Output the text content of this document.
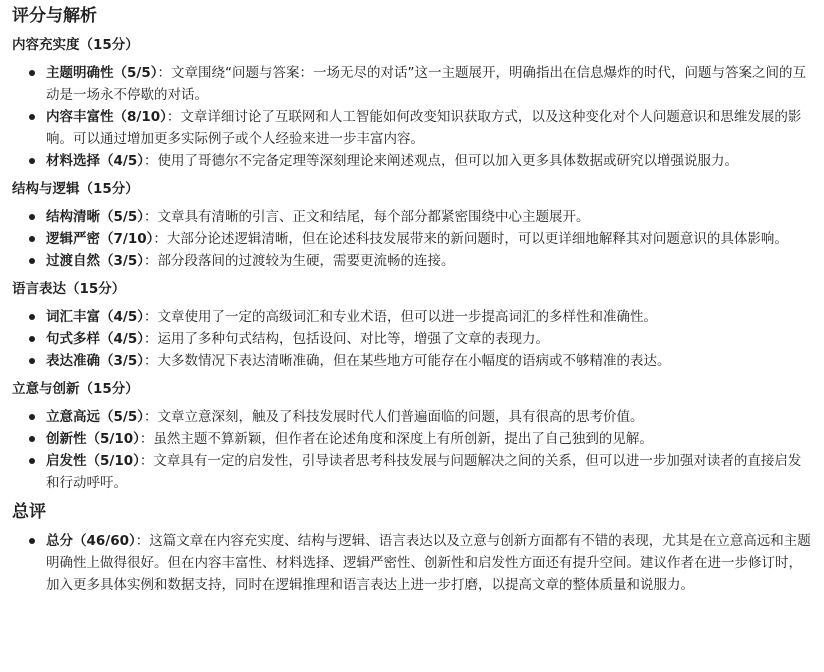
评分与解析
内容充实度（15分）
主题明确性（5/5）：文章围绕“问题与答案：一场无尽的对话”这一主题展开，明确指出在信息爆炸的时代，问题与答案之间的互动是一场永不停歇的对话。
内容丰富性（8/10）：文章详细讨论了互联网和人工智能如何改变知识获取方式，以及这种变化对个人问题意识和思维发展的影响。可以通过增加更多实际例子或个人经验来进一步丰富内容。
材料选择（4/5）：使用了哥德尔不完备定理等深刻理论来阐述观点，但可以加入更多具体数据或研究以增强说服力。
结构与逻辑（15分）
结构清晰（5/5）：文章具有清晰的引言、正文和结尾，每个部分都紧密围绕中心主题展开。
逻辑严密（7/10）：大部分论述逻辑清晰，但在论述科技发展带来的新问题时，可以更详细地解释其对问题意识的具体影响。
过渡自然（3/5）：部分段落间的过渡较为生硬，需要更流畅的连接。
语言表达（15分）
词汇丰富（4/5）：文章使用了一定的高级词汇和专业术语，但可以进一步提高词汇的多样性和准确性。
句式多样（4/5）：运用了多种句式结构，包括设问、对比等，增强了文章的表现力。
表达准确（3/5）：大多数情况下表达清晰准确，但在某些地方可能存在小幅度的语病或不够精准的表达。
立意与创新（15分）
立意高远（5/5）：文章立意深刻，触及了科技发展时代人们普遍面临的问题，具有很高的思考价值。
创新性（5/10）：虽然主题不算新颖，但作者在论述角度和深度上有所创新，提出了自己独到的见解。
启发性（5/10）：文章具有一定的启发性，引导读者思考科技发展与问题解决之间的关系，但可以进一步加强对读者的直接启发和行动呼吁。
总评
总分（46/60）：这篇文章在内容充实度、结构与逻辑、语言表达以及立意与创新方面都有不错的表现，尤其是在立意高远和主题明确性上做得很好。但在内容丰富性、材料选择、逻辑严密性、创新性和启发性方面还有提升空间。建议作者在进一步修订时，加入更多具体实例和数据支持，同时在逻辑推理和语言表达上进一步打磨，以提高文章的整体质量和说服力。
